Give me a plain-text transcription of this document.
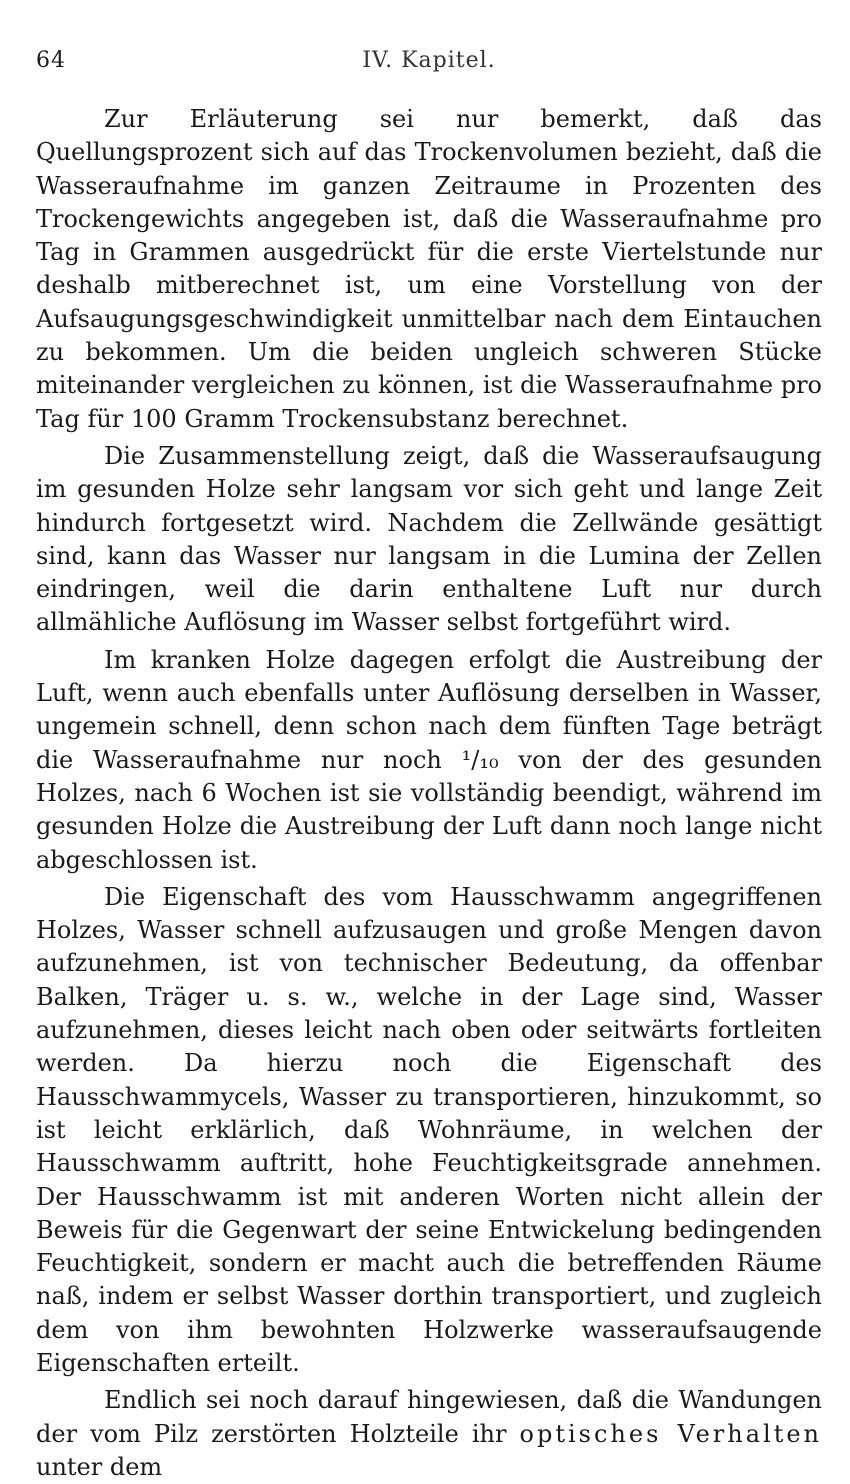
64	IV. Kapitel.

Zur Erläuterung sei nur bemerkt, daß das Quellungsprozent sich auf das Trockenvolumen bezieht, daß die Wasseraufnahme im ganzen Zeitraume in Prozenten des Trockengewichts angegeben ist, daß die Wasseraufnahme pro Tag in Grammen ausgedrückt für die erste Viertelstunde nur deshalb mitberechnet ist, um eine Vorstellung von der Aufsaugungsgeschwindigkeit unmittelbar nach dem Eintauchen zu bekommen. Um die beiden ungleich schweren Stücke miteinander vergleichen zu können, ist die Wasseraufnahme pro Tag für 100 Gramm Trockensubstanz berechnet.

Die Zusammenstellung zeigt, daß die Wasseraufsaugung im gesunden Holze sehr langsam vor sich geht und lange Zeit hindurch fortgesetzt wird. Nachdem die Zellwände gesättigt sind, kann das Wasser nur langsam in die Lumina der Zellen eindringen, weil die darin enthaltene Luft nur durch allmähliche Auflösung im Wasser selbst fortgeführt wird.

Im kranken Holze dagegen erfolgt die Austreibung der Luft, wenn auch ebenfalls unter Auflösung derselben in Wasser, ungemein schnell, denn schon nach dem fünften Tage beträgt die Wasseraufnahme nur noch ¹/₁₀ von der des gesunden Holzes, nach 6 Wochen ist sie vollständig beendigt, während im gesunden Holze die Austreibung der Luft dann noch lange nicht abgeschlossen ist.

Die Eigenschaft des vom Hausschwamm angegriffenen Holzes, Wasser schnell aufzusaugen und große Mengen davon aufzunehmen, ist von technischer Bedeutung, da offenbar Balken, Träger u. s. w., welche in der Lage sind, Wasser aufzunehmen, dieses leicht nach oben oder seitwärts fortleiten werden. Da hierzu noch die Eigenschaft des Hausschwammycels, Wasser zu transportieren, hinzukommt, so ist leicht erklärlich, daß Wohnräume, in welchen der Hausschwamm auftritt, hohe Feuchtigkeitsgrade annehmen. Der Hausschwamm ist mit anderen Worten nicht allein der Beweis für die Gegenwart der seine Entwickelung bedingenden Feuchtigkeit, sondern er macht auch die betreffenden Räume naß, indem er selbst Wasser dorthin transportiert, und zugleich dem von ihm bewohnten Holzwerke wasseraufsaugende Eigenschaften erteilt.

Endlich sei noch darauf hingewiesen, daß die Wandungen der vom Pilz zerstörten Holzteile ihr optisches Verhalten unter dem
